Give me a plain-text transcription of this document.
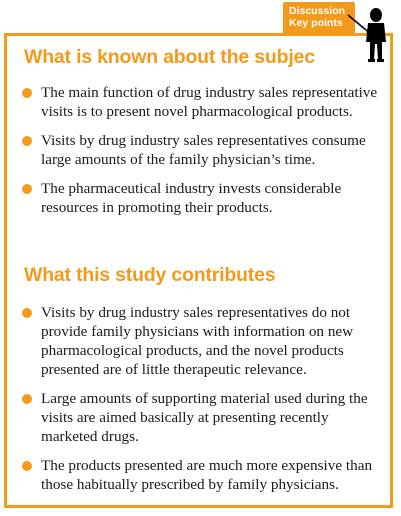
Discussion
Key points
What is known about the subjec
The main function of drug industry sales representative visits is to present novel pharmacological products.
Visits by drug industry sales representatives consume large amounts of the family physician’s time.
The pharmaceutical industry invests considerable resources in promoting their products.
What this study contributes
Visits by drug industry sales representatives do not provide family physicians with information on new pharmacological products, and the novel products presented are of little therapeutic relevance.
Large amounts of supporting material used during the visits are aimed basically at presenting recently marketed drugs.
The products presented are much more expensive than those habitually prescribed by family physicians.
